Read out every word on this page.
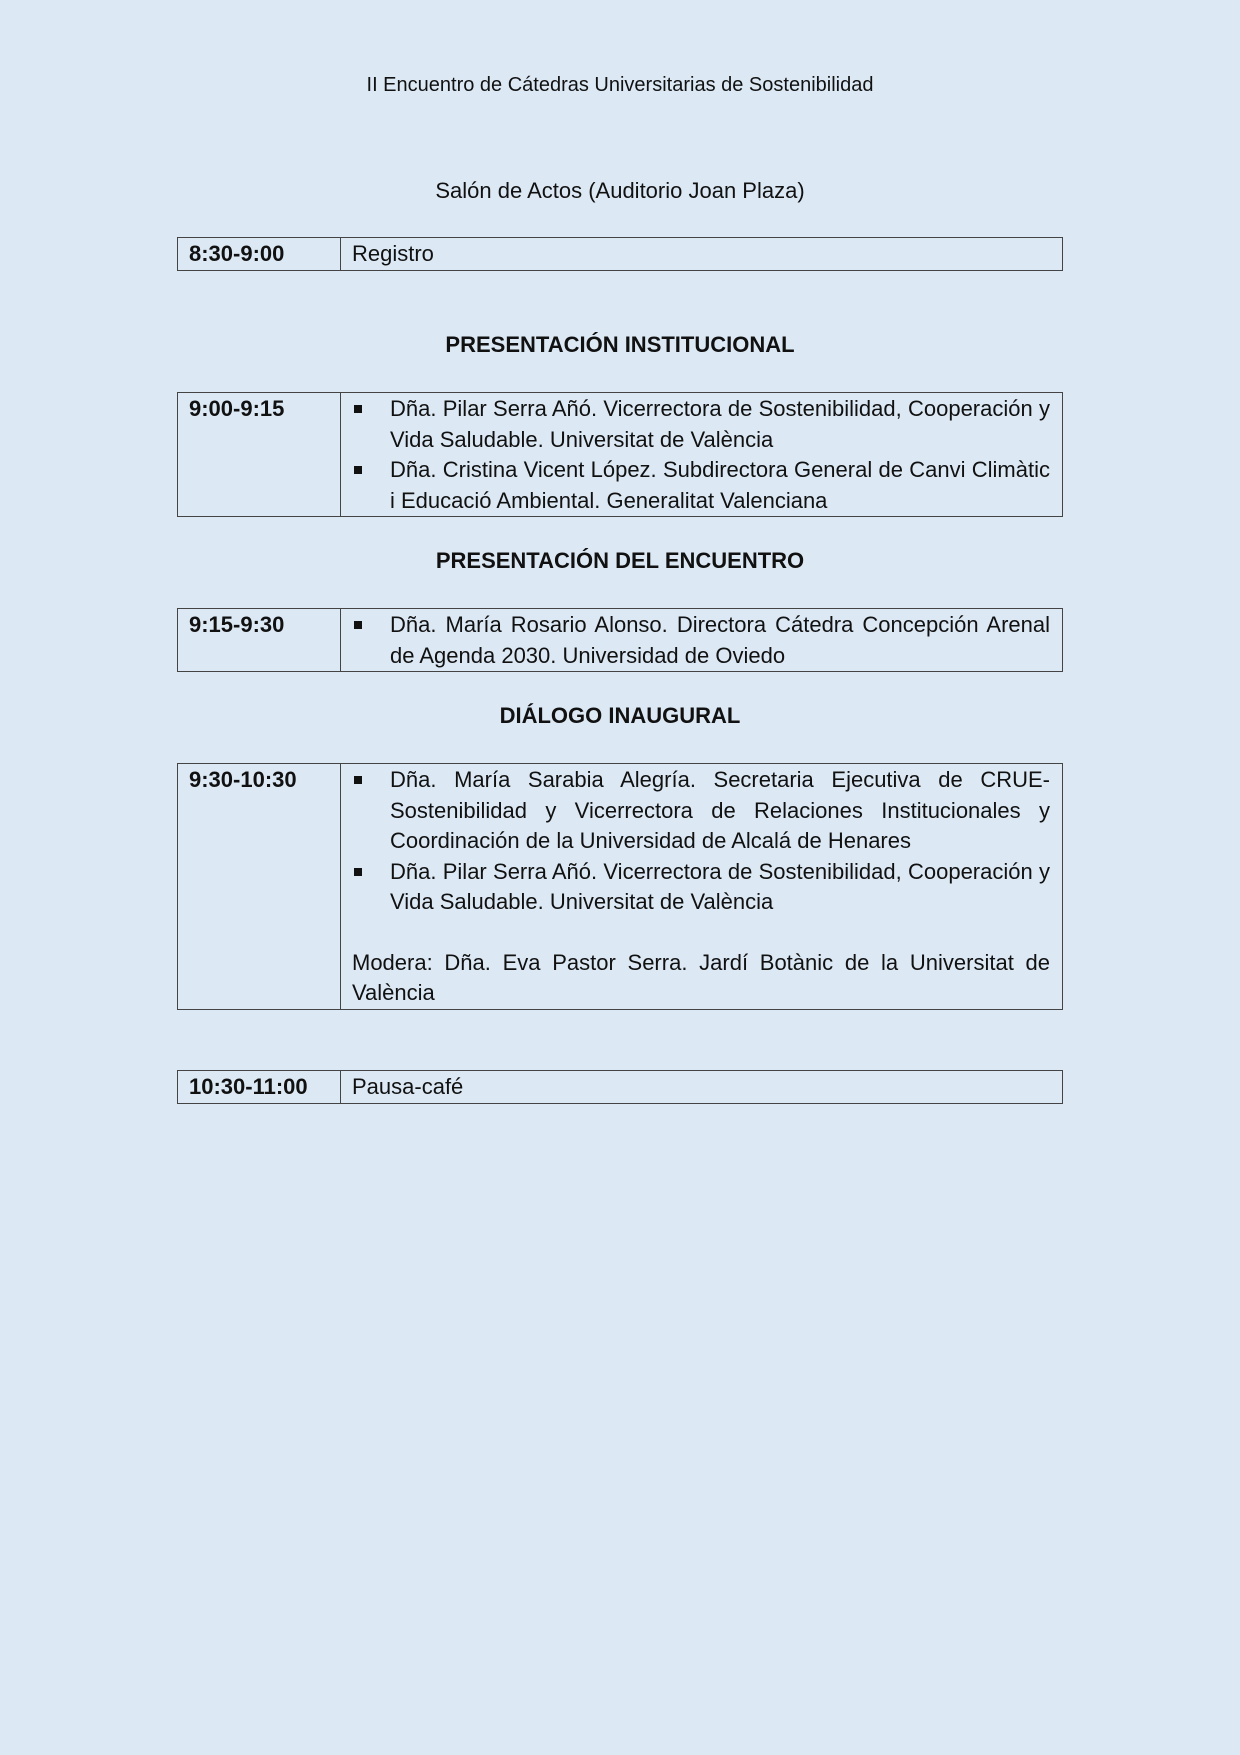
II Encuentro de Cátedras Universitarias de Sostenibilidad
Salón de Actos (Auditorio Joan Plaza)
8:30-9:00	Registro
PRESENTACIÓN INSTITUCIONAL
9:00-9:15	Dña. Pilar Serra Añó. Vicerrectora de Sostenibilidad, Cooperación y Vida Saludable. Universitat de València
Dña. Cristina Vicent López. Subdirectora General de Canvi Climàtic i Educació Ambiental. Generalitat Valenciana
PRESENTACIÓN DEL ENCUENTRO
9:15-9:30	Dña. María Rosario Alonso. Directora Cátedra Concepción Arenal de Agenda 2030. Universidad de Oviedo
DIÁLOGO INAUGURAL
9:30-10:30	Dña. María Sarabia Alegría. Secretaria Ejecutiva de CRUE-Sostenibilidad y Vicerrectora de Relaciones Institucionales y Coordinación de la Universidad de Alcalá de Henares
Dña. Pilar Serra Añó. Vicerrectora de Sostenibilidad, Cooperación y Vida Saludable. Universitat de València
Modera: Dña. Eva Pastor Serra. Jardí Botànic de la Universitat de València
10:30-11:00	Pausa-café
